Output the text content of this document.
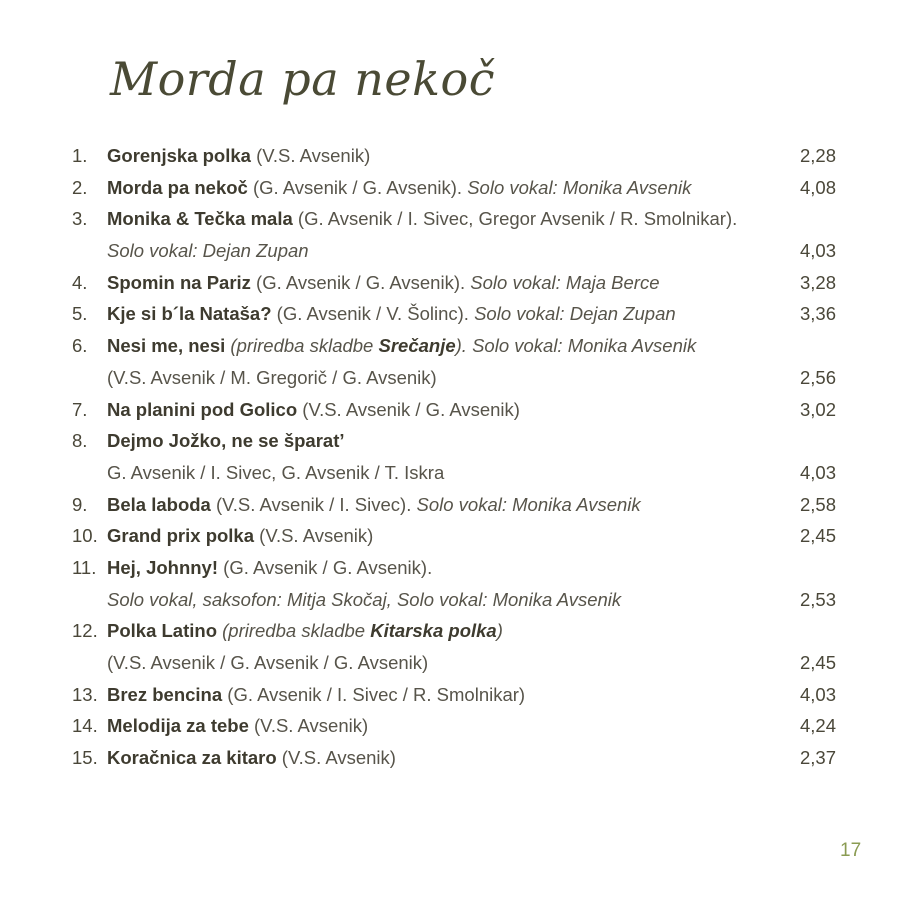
Morda pa nekoč
1.	Gorenjska polka (V.S. Avsenik)	2,28
2.	Morda pa nekoč (G. Avsenik / G. Avsenik). Solo vokal: Monika Avsenik	4,08
3.	Monika & Tečka mala (G. Avsenik / I. Sivec, Gregor Avsenik / R. Smolnikar).
Solo vokal: Dejan Zupan	4,03
4.	Spomin na Pariz (G. Avsenik / G. Avsenik). Solo vokal: Maja Berce	3,28
5.	Kje si b´la Nataša? (G. Avsenik / V. Šolinc). Solo vokal: Dejan Zupan	3,36
6.	Nesi me, nesi (priredba skladbe Srečanje). Solo vokal: Monika Avsenik
(V.S. Avsenik / M. Gregorič / G. Avsenik)	2,56
7.	Na planini pod Golico (V.S. Avsenik / G. Avsenik)	3,02
8.	Dejmo Jožko, ne se šparat’
G. Avsenik / I. Sivec, G. Avsenik / T. Iskra	4,03
9.	Bela laboda (V.S. Avsenik / I. Sivec). Solo vokal: Monika Avsenik	2,58
10. Grand prix polka (V.S. Avsenik)	2,45
11. Hej, Johnny! (G. Avsenik / G. Avsenik).
Solo vokal, saksofon: Mitja Skočaj, Solo vokal: Monika Avsenik	2,53
12. Polka Latino (priredba skladbe Kitarska polka)
(V.S. Avsenik / G. Avsenik / G. Avsenik)	2,45
13. Brez bencina (G. Avsenik / I. Sivec / R. Smolnikar)	4,03
14. Melodija za tebe (V.S. Avsenik)	4,24
15. Koračnica za kitaro (V.S. Avsenik)	2,37
17
